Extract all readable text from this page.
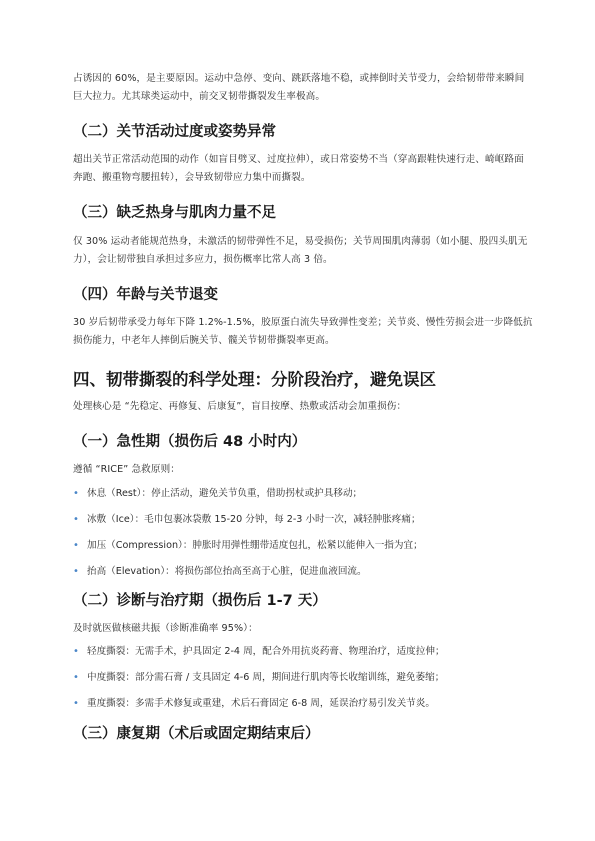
占诱因的 60%，是主要原因。运动中急停、变向、跳跃落地不稳，或摔倒时关节受力，会给韧带带来瞬间巨大拉力。尤其球类运动中，前交叉韧带撕裂发生率极高。

（二）关节活动过度或姿势异常

超出关节正常活动范围的动作（如盲目劈叉、过度拉伸），或日常姿势不当（穿高跟鞋快速行走、崎岖路面奔跑、搬重物弯腰扭转），会导致韧带应力集中而撕裂。

（三）缺乏热身与肌肉力量不足

仅 30% 运动者能规范热身，未激活的韧带弹性不足，易受损伤；关节周围肌肉薄弱（如小腿、股四头肌无力），会让韧带独自承担过多应力，损伤概率比常人高 3 倍。

（四）年龄与关节退变

30 岁后韧带承受力每年下降 1.2%-1.5%，胶原蛋白流失导致弹性变差；关节炎、慢性劳损会进一步降低抗损伤能力，中老年人摔倒后腕关节、髋关节韧带撕裂率更高。

四、韧带撕裂的科学处理：分阶段治疗，避免误区

处理核心是 “先稳定、再修复、后康复”，盲目按摩、热敷或活动会加重损伤：

（一）急性期（损伤后 48 小时内）

遵循 “RICE” 急救原则：

• 休息（Rest）：停止活动，避免关节负重，借助拐杖或护具移动；
• 冰敷（Ice）：毛巾包裹冰袋敷 15-20 分钟，每 2-3 小时一次，减轻肿胀疼痛；
• 加压（Compression）：肿胀时用弹性绷带适度包扎，松紧以能伸入一指为宜；
• 抬高（Elevation）：将损伤部位抬高至高于心脏，促进血液回流。
（二）诊断与治疗期（损伤后 1-7 天）

及时就医做核磁共振（诊断准确率 95%）：

• 轻度撕裂：无需手术，护具固定 2-4 周，配合外用抗炎药膏、物理治疗，适度拉伸；
• 中度撕裂：部分需石膏 / 支具固定 4-6 周，期间进行肌肉等长收缩训练，避免萎缩；
• 重度撕裂：多需手术修复或重建，术后石膏固定 6-8 周，延误治疗易引发关节炎。
（三）康复期（术后或固定期结束后）
